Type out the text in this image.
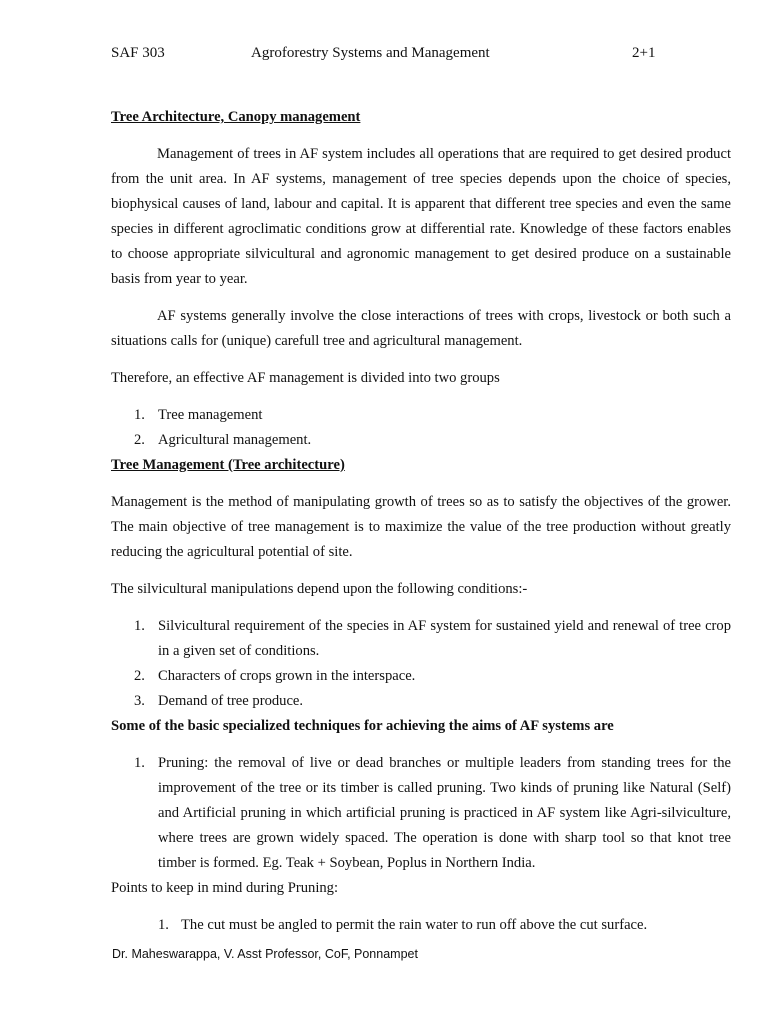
SAF 303	Agroforestry Systems and Management	2+1
Tree Architecture, Canopy management

Management of trees in AF system includes all operations that are required to get desired product from the unit area. In AF systems, management of tree species depends upon the choice of species, biophysical causes of land, labour and capital. It is apparent that different tree species and even the same species in different agroclimatic conditions grow at differential rate. Knowledge of these factors enables to choose appropriate silvicultural and agronomic management to get desired produce on a sustainable basis from year to year.

AF systems generally involve the close interactions of trees with crops, livestock or both such a situations calls for (unique) carefull tree and agricultural management.

Therefore, an effective AF management is divided into two groups

1. Tree management
2. Agricultural management.
Tree Management (Tree architecture)

Management is the method of manipulating growth of trees so as to satisfy the objectives of the grower. The main objective of tree management is to maximize the value of the tree production without greatly reducing the agricultural potential of site.

The silvicultural manipulations depend upon the following conditions:-

1. Silvicultural requirement of the species in AF system for sustained yield and renewal of tree crop in a given set of conditions.
2. Characters of crops grown in the interspace.
3. Demand of tree produce.
Some of the basic specialized techniques for achieving the aims of AF systems are
1. Pruning: the removal of live or dead branches or multiple leaders from standing trees for the improvement of the tree or its timber is called pruning. Two kinds of pruning like Natural (Self) and Artificial pruning in which artificial pruning is practiced in AF system like Agri-silviculture, where trees are grown widely spaced. The operation is done with sharp tool so that knot tree timber is formed. Eg. Teak + Soybean, Poplus in Northern India.

Points to keep in mind during Pruning:

1. The cut must be angled to permit the rain water to run off above the cut surface.
Dr. Maheswarappa, V. Asst Professor, CoF, Ponnampet
